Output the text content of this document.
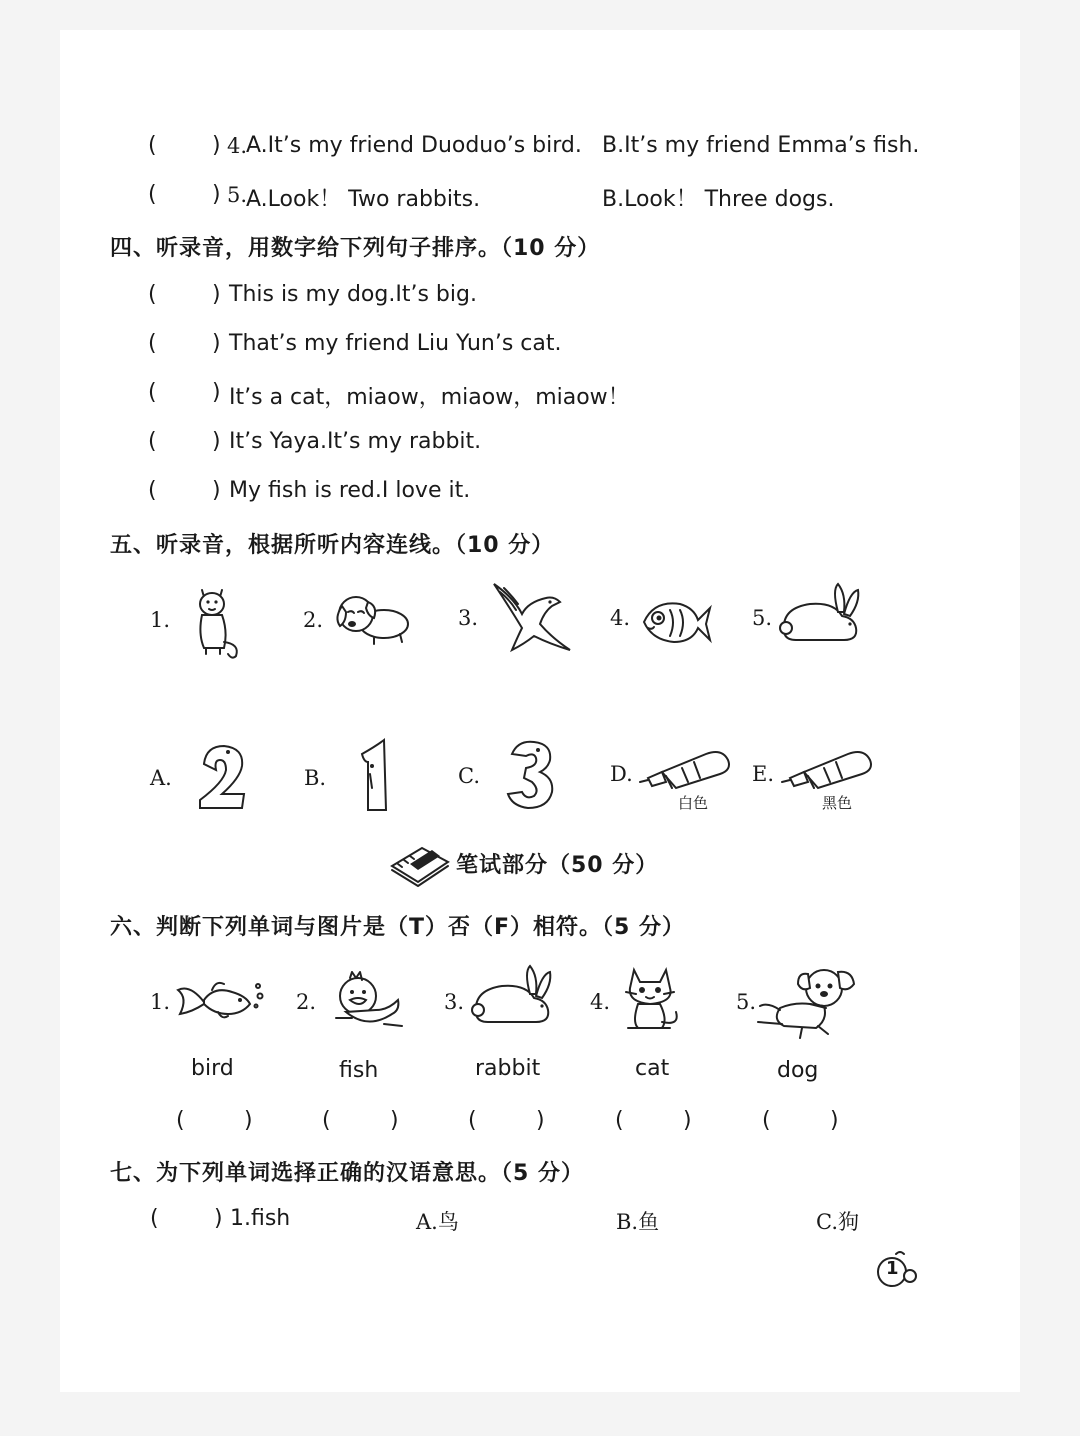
(	) 4.
A.It’s my friend Duoduo’s bird. B.It’s my friend Emma’s fish.
(	) 5.
A.Look！ Two rabbits.	B.Look！ Three dogs.
四、听录音，用数字给下列句子排序。（10 分）
(	) This is my dog.It’s big.
(	) That’s my friend Liu Yun’s cat.
(	) It’s a cat，miaow，miaow，miaow！
(	) It’s Yaya.It’s my rabbit.
(	) My fish is red.I love it.
五、听录音，根据所听内容连线。（10 分）
1.	2.	3.	4.	5.
A.	B.	C.	D.
白色
E.
黑色
笔试部分（50 分）
六、判断下列单词与图片是（T）否（F）相符。（5 分）
1.
bird
(	)
2.
fish
(	)
3.
rabbit
(	)
4.
cat
(	)
5.
dog
(	)
七、为下列单词选择正确的汉语意思。（5 分）
(	) 1.fish	A.鸟	B.鱼	C.狗
1
